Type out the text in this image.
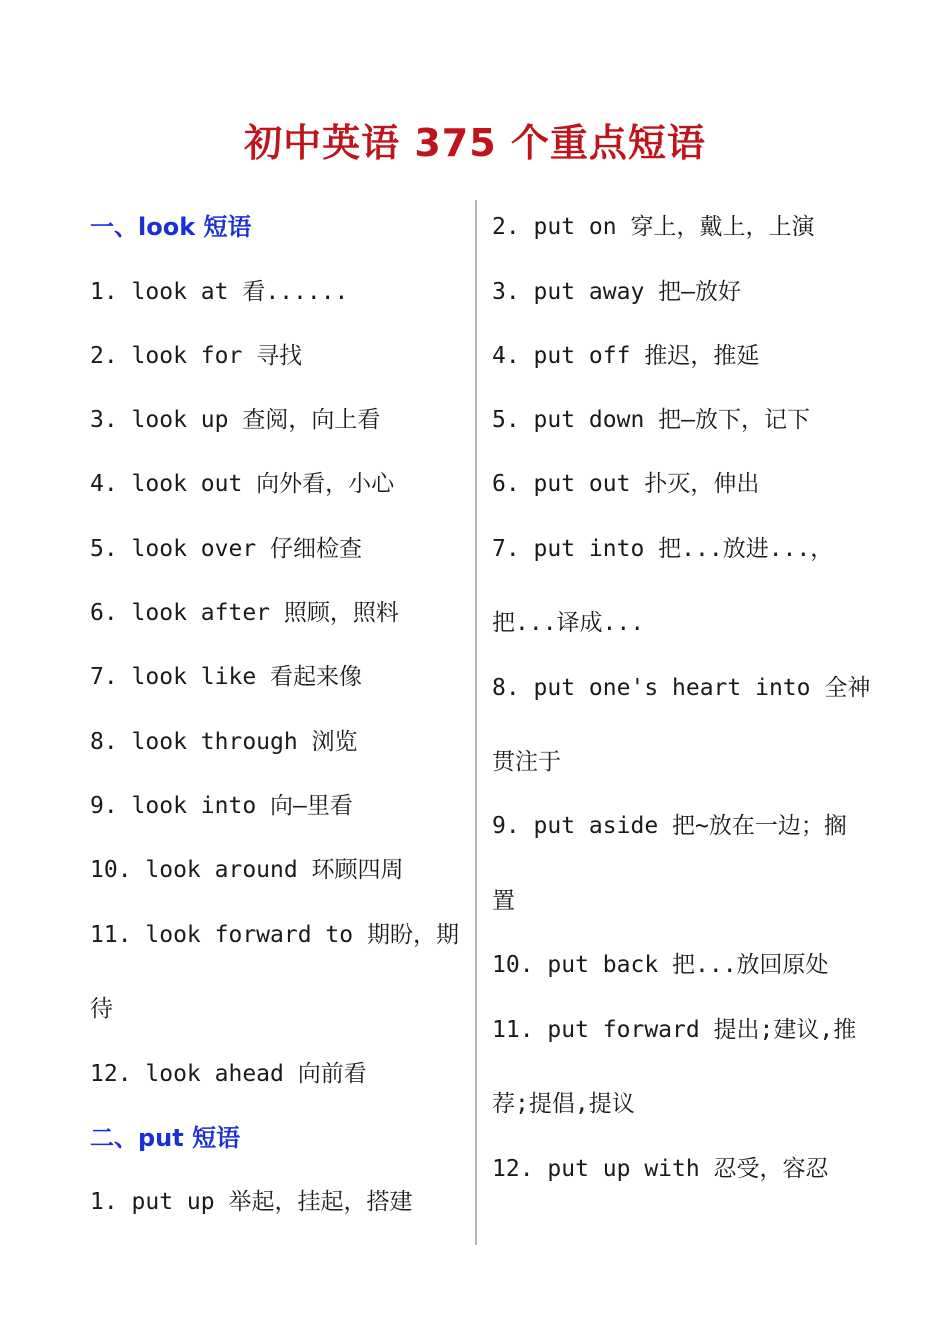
初中英语 375 个重点短语
一、look 短语
1. look at 看......
2. look for 寻找
3. look up 查阅，向上看
4. look out 向外看，小心
5. look over 仔细检查
6. look after 照顾，照料
7. look like 看起来像
8. look through 浏览
9. look into 向—里看
10. look around 环顾四周
11. look forward to 期盼，期
待
12. look ahead 向前看
二、put 短语
1. put up 举起，挂起，搭建
2. put on 穿上，戴上，上演
3. put away 把—放好
4. put off 推迟，推延
5. put down 把—放下，记下
6. put out 扑灭，伸出
7. put into 把...放进...，
把...译成...
8. put one's heart into 全神
贯注于
9. put aside 把~放在一边；搁
置
10. put back 把...放回原处
11. put forward 提出;建议,推
荐;提倡,提议
12. put up with 忍受，容忍
